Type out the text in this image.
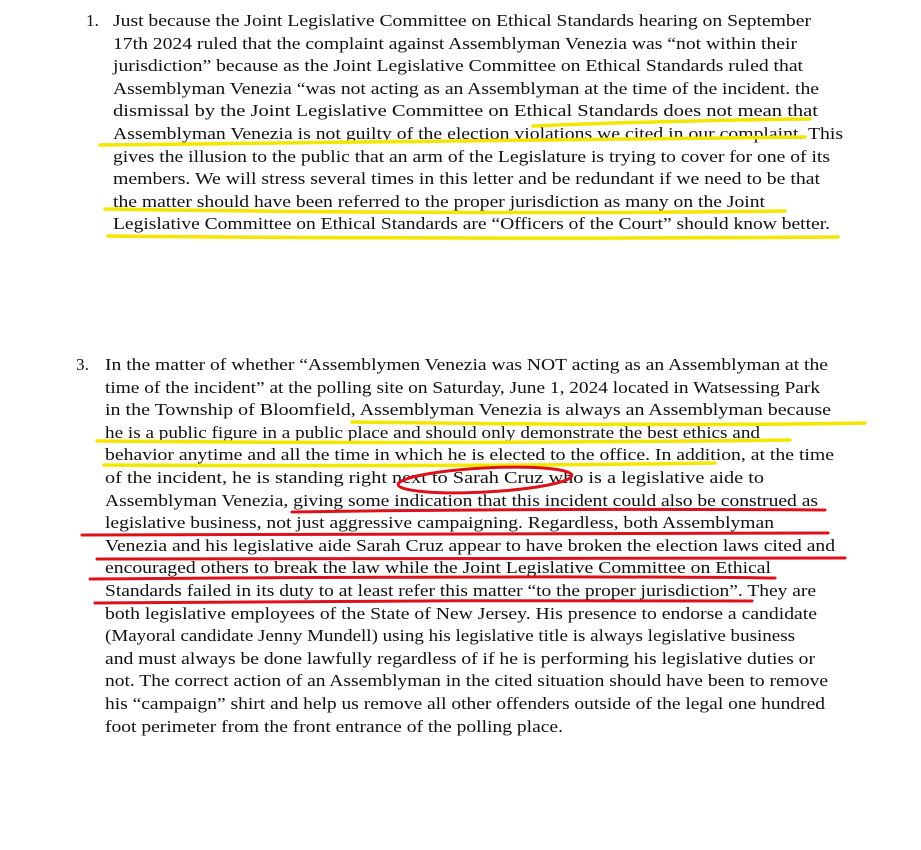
1. Just because the Joint Legislative Committee on Ethical Standards hearing on September
17th 2024 ruled that the complaint against Assemblyman Venezia was “not within their
jurisdiction” because as the Joint Legislative Committee on Ethical Standards ruled that
Assemblyman Venezia “was not acting as an Assemblyman at the time of the incident. the
dismissal by the Joint Legislative Committee on Ethical Standards does not mean that
Assemblyman Venezia is not guilty of the election violations we cited in our complaint. This
gives the illusion to the public that an arm of the Legislature is trying to cover for one of its
members. We will stress several times in this letter and be redundant if we need to be that
the matter should have been referred to the proper jurisdiction as many on the Joint
Legislative Committee on Ethical Standards are “Officers of the Court” should know better.
3. In the matter of whether “Assemblymen Venezia was NOT acting as an Assemblyman at the
time of the incident” at the polling site on Saturday, June 1, 2024 located in Watsessing Park
in the Township of Bloomfield, Assemblyman Venezia is always an Assemblyman because
he is a public figure in a public place and should only demonstrate the best ethics and
behavior anytime and all the time in which he is elected to the office. In addition, at the time
of the incident, he is standing right next to Sarah Cruz who is a legislative aide to
Assemblyman Venezia, giving some indication that this incident could also be construed as
legislative business, not just aggressive campaigning. Regardless, both Assemblyman
Venezia and his legislative aide Sarah Cruz appear to have broken the election laws cited and
encouraged others to break the law while the Joint Legislative Committee on Ethical
Standards failed in its duty to at least refer this matter “to the proper jurisdiction”. They are
both legislative employees of the State of New Jersey. His presence to endorse a candidate
(Mayoral candidate Jenny Mundell) using his legislative title is always legislative business
and must always be done lawfully regardless of if he is performing his legislative duties or
not. The correct action of an Assemblyman in the cited situation should have been to remove
his “campaign” shirt and help us remove all other offenders outside of the legal one hundred
foot perimeter from the front entrance of the polling place.
